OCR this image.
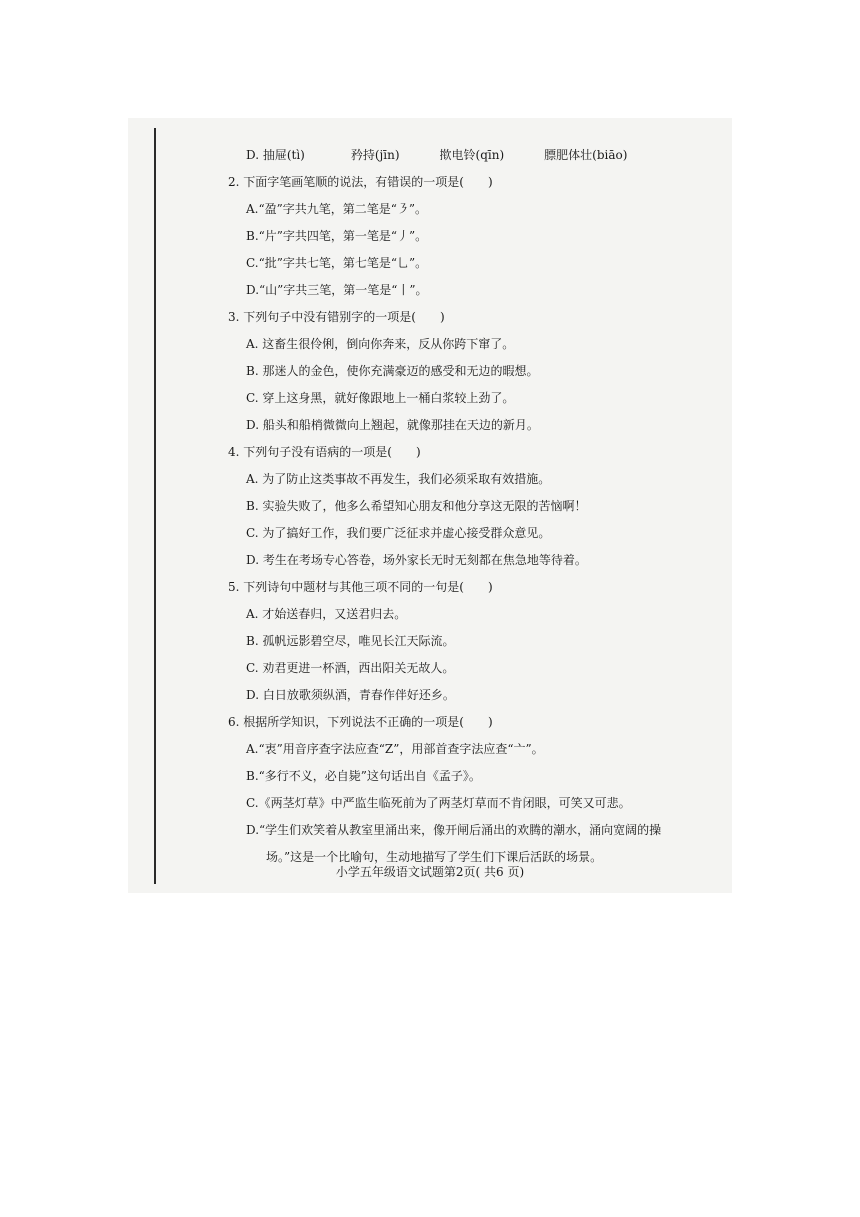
D. 抽屉(tì)	矜持(jīn)	揿电铃(qīn)	膘肥体壮(biāo)
2. 下面字笔画笔顺的说法，有错误的一项是(　　)
A.“盈”字共九笔，第二笔是“㇋”。
B.“片”字共四笔，第一笔是“丿”。
C.“批”字共七笔，第七笔是“乚”。
D.“山”字共三笔，第一笔是“丨”。
3. 下列句子中没有错别字的一项是(　　)
A. 这畜生很伶俐，倒向你奔来，反从你跨下窜了。
B. 那迷人的金色，使你充满豪迈的感受和无边的暇想。
C. 穿上这身黑，就好像跟地上一桶白浆较上劲了。
D. 船头和船梢微微向上翘起，就像那挂在天边的新月。
4. 下列句子没有语病的一项是(　　)
A. 为了防止这类事故不再发生，我们必须采取有效措施。
B. 实验失败了，他多么希望知心朋友和他分享这无限的苦恼啊！
C. 为了搞好工作，我们要广泛征求并虚心接受群众意见。
D. 考生在考场专心答卷，场外家长无时无刻都在焦急地等待着。
5. 下列诗句中题材与其他三项不同的一句是(　　)
A. 才始送春归，又送君归去。
B. 孤帆远影碧空尽，唯见长江天际流。
C. 劝君更进一杯酒，西出阳关无故人。
D. 白日放歌须纵酒，青春作伴好还乡。
6. 根据所学知识，下列说法不正确的一项是(　　)
A.“衷”用音序查字法应查“Z”，用部首查字法应查“亠”。
B.“多行不义，必自毙”这句话出自《孟子》。
C.《两茎灯草》中严监生临死前为了两茎灯草而不肯闭眼，可笑又可悲。
D.“学生们欢笑着从教室里涌出来，像开闸后涌出的欢腾的潮水，涌向宽阔的操
场。”这是一个比喻句，生动地描写了学生们下课后活跃的场景。
小学五年级语文试题第2页( 共6 页)
